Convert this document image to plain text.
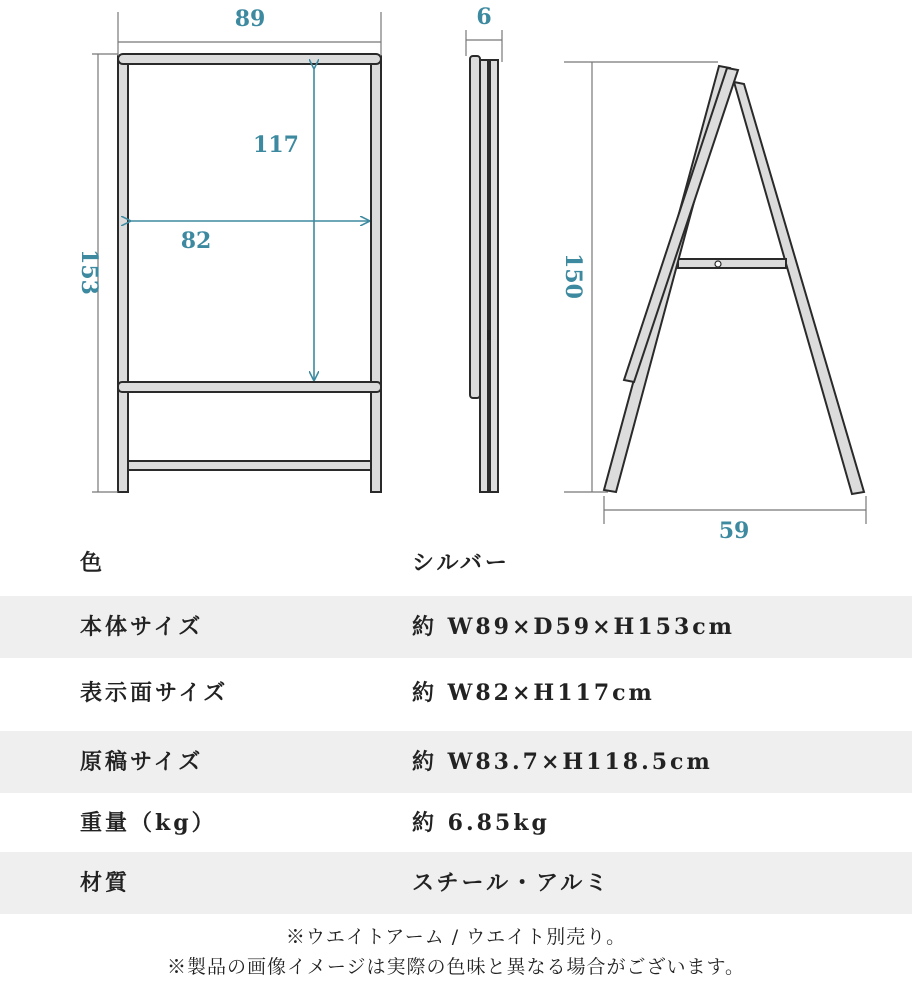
89
153
117
82
6
150
59
色	シルバー
本体サイズ	約 W89×D59×H153cm
表示面サイズ	約 W82×H117cm
原稿サイズ	約 W83.7×H118.5cm
重量（kg）	約 6.85kg
材質	スチール・アルミ
※ウエイトアーム / ウエイト別売り。
※製品の画像イメージは実際の色味と異なる場合がございます。
